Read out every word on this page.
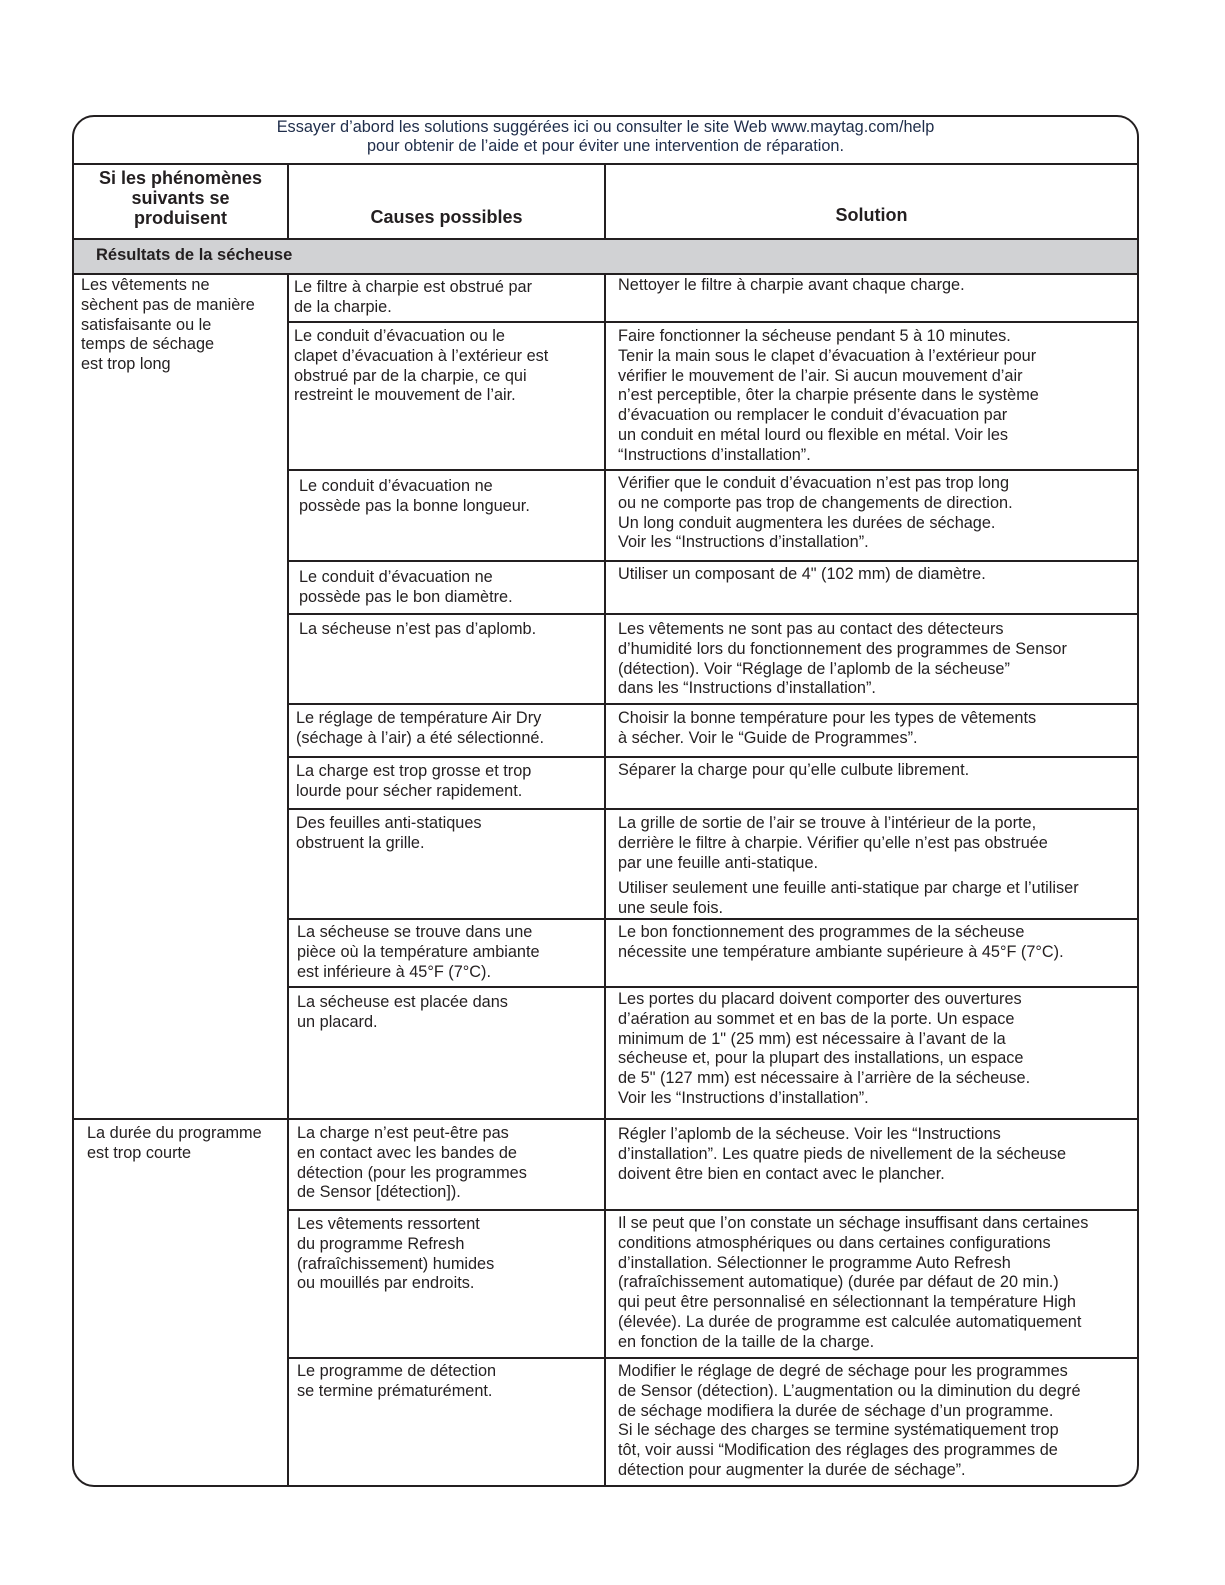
Essayer d’abord les solutions suggérées ici ou consulter le site Web www.maytag.com/help
pour obtenir de l’aide et pour éviter une intervention de réparation.
Si les phénomènes
suivants se
produisent	Causes possibles	Solution
Résultats de la sécheuse
Les vêtements ne
sèchent pas de manière
satisfaisante ou le
temps de séchage
est trop long
La durée du programme
est trop courte
Le filtre à charpie est obstrué par
de la charpie.
Le conduit d’évacuation ou le
clapet d’évacuation à l’extérieur est
obstrué par de la charpie, ce qui
restreint le mouvement de l’air.
Le conduit d’évacuation ne
possède pas la bonne longueur.
Le conduit d’évacuation ne
possède pas le bon diamètre.
La sécheuse n’est pas d’aplomb.
Le réglage de température Air Dry
(séchage à l’air) a été sélectionné.
La charge est trop grosse et trop
lourde pour sécher rapidement.
Des feuilles anti-statiques
obstruent la grille.
La sécheuse se trouve dans une
pièce où la température ambiante
est inférieure à 45°F (7°C).
La sécheuse est placée dans
un placard.
La charge n’est peut-être pas
en contact avec les bandes de
détection (pour les programmes
de Sensor [détection]).
Les vêtements ressortent
du programme Refresh
(rafraîchissement) humides
ou mouillés par endroits.
Le programme de détection
se termine prématurément.
Nettoyer le filtre à charpie avant chaque charge.
Faire fonctionner la sécheuse pendant 5 à 10 minutes.
Tenir la main sous le clapet d’évacuation à l’extérieur pour
vérifier le mouvement de l’air. Si aucun mouvement d’air
n’est perceptible, ôter la charpie présente dans le système
d’évacuation ou remplacer le conduit d’évacuation par
un conduit en métal lourd ou flexible en métal. Voir les
“Instructions d’installation”.
Vérifier que le conduit d’évacuation n’est pas trop long
ou ne comporte pas trop de changements de direction.
Un long conduit augmentera les durées de séchage.
Voir les “Instructions d’installation”.
Utiliser un composant de 4" (102 mm) de diamètre.
Les vêtements ne sont pas au contact des détecteurs
d’humidité lors du fonctionnement des programmes de Sensor
(détection). Voir “Réglage de l’aplomb de la sécheuse”
dans les “Instructions d’installation”.
Choisir la bonne température pour les types de vêtements
à sécher. Voir le “Guide de Programmes”.
Séparer la charge pour qu’elle culbute librement.
La grille de sortie de l’air se trouve à l’intérieur de la porte,
derrière le filtre à charpie. Vérifier qu’elle n’est pas obstruée
par une feuille anti-statique.
Utiliser seulement une feuille anti-statique par charge et l’utiliser
une seule fois.
Le bon fonctionnement des programmes de la sécheuse
nécessite une température ambiante supérieure à 45°F (7°C).
Les portes du placard doivent comporter des ouvertures
d’aération au sommet et en bas de la porte. Un espace
minimum de 1" (25 mm) est nécessaire à l’avant de la
sécheuse et, pour la plupart des installations, un espace
de 5" (127 mm) est nécessaire à l’arrière de la sécheuse.
Voir les “Instructions d’installation”.
Régler l’aplomb de la sécheuse. Voir les “Instructions
d’installation”. Les quatre pieds de nivellement de la sécheuse
doivent être bien en contact avec le plancher.
Il se peut que l’on constate un séchage insuffisant dans certaines
conditions atmosphériques ou dans certaines configurations
d’installation. Sélectionner le programme Auto Refresh
(rafraîchissement automatique) (durée par défaut de 20 min.)
qui peut être personnalisé en sélectionnant la température High
(élevée). La durée de programme est calculée automatiquement
en fonction de la taille de la charge.
Modifier le réglage de degré de séchage pour les programmes
de Sensor (détection). L’augmentation ou la diminution du degré
de séchage modifiera la durée de séchage d’un programme.
Si le séchage des charges se termine systématiquement trop
tôt, voir aussi “Modification des réglages des programmes de
détection pour augmenter la durée de séchage”.
